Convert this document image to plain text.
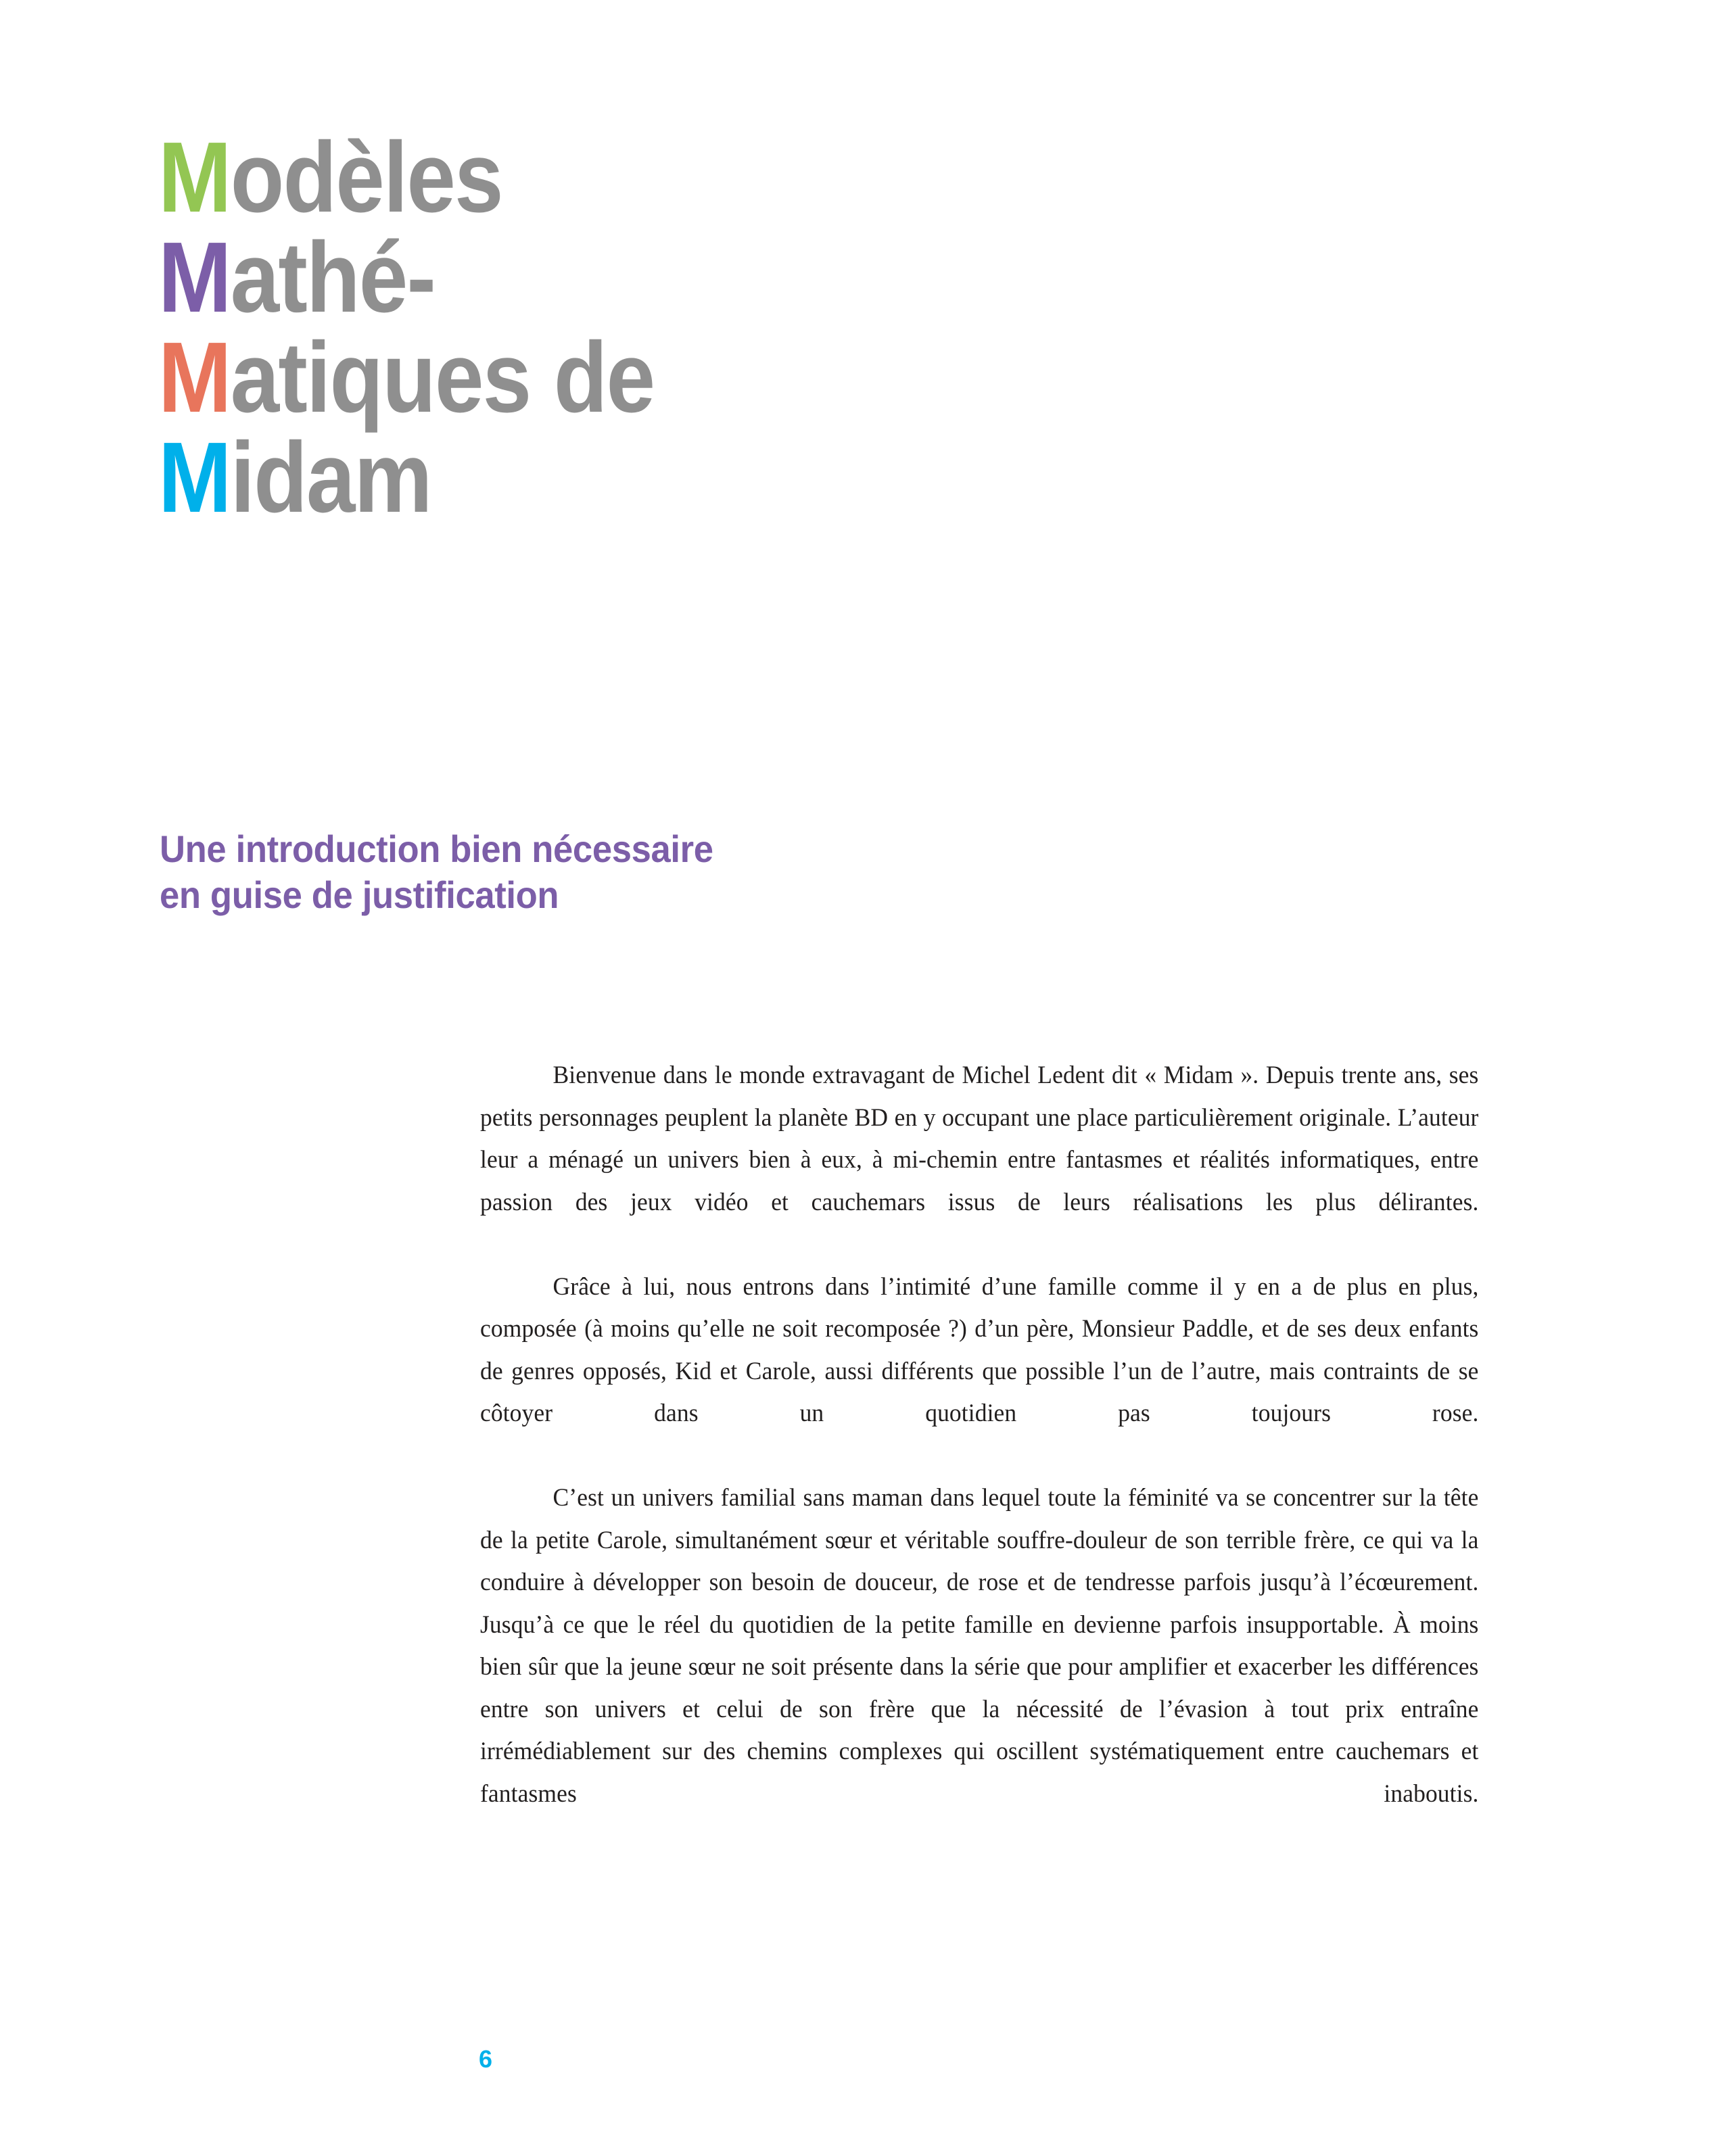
Modèles
Mathé-
Matiques de
Midam
Une introduction bien nécessaire
en guise de justification

Bienvenue dans le monde extravagant de Michel Ledent dit « Midam ». Depuis trente ans, ses petits personnages peuplent la planète BD en y occupant une place particulièrement originale. L’auteur leur a ménagé un univers bien à eux, à mi-chemin entre fantasmes et réalités informatiques, entre passion des jeux vidéo et cauchemars issus de leurs réalisations les plus délirantes.

Grâce à lui, nous entrons dans l’intimité d’une famille comme il y en a de plus en plus, composée (à moins qu’elle ne soit recomposée ?) d’un père, Monsieur Paddle, et de ses deux enfants de genres opposés, Kid et Carole, aussi différents que possible l’un de l’autre, mais contraints de se côtoyer dans un quotidien pas toujours rose.

C’est un univers familial sans maman dans lequel toute la féminité va se concentrer sur la tête de la petite Carole, simultanément sœur et véritable souffre-douleur de son terrible frère, ce qui va la conduire à développer son besoin de douceur, de rose et de tendresse parfois jusqu’à l’écœurement. Jusqu’à ce que le réel du quotidien de la petite famille en devienne parfois insupportable. À moins bien sûr que la jeune sœur ne soit présente dans la série que pour amplifier et exacerber les différences entre son univers et celui de son frère que la nécessité de l’évasion à tout prix entraîne irrémédiablement sur des chemins complexes qui oscillent systématiquement entre cauchemars et fantasmes inaboutis.

6
